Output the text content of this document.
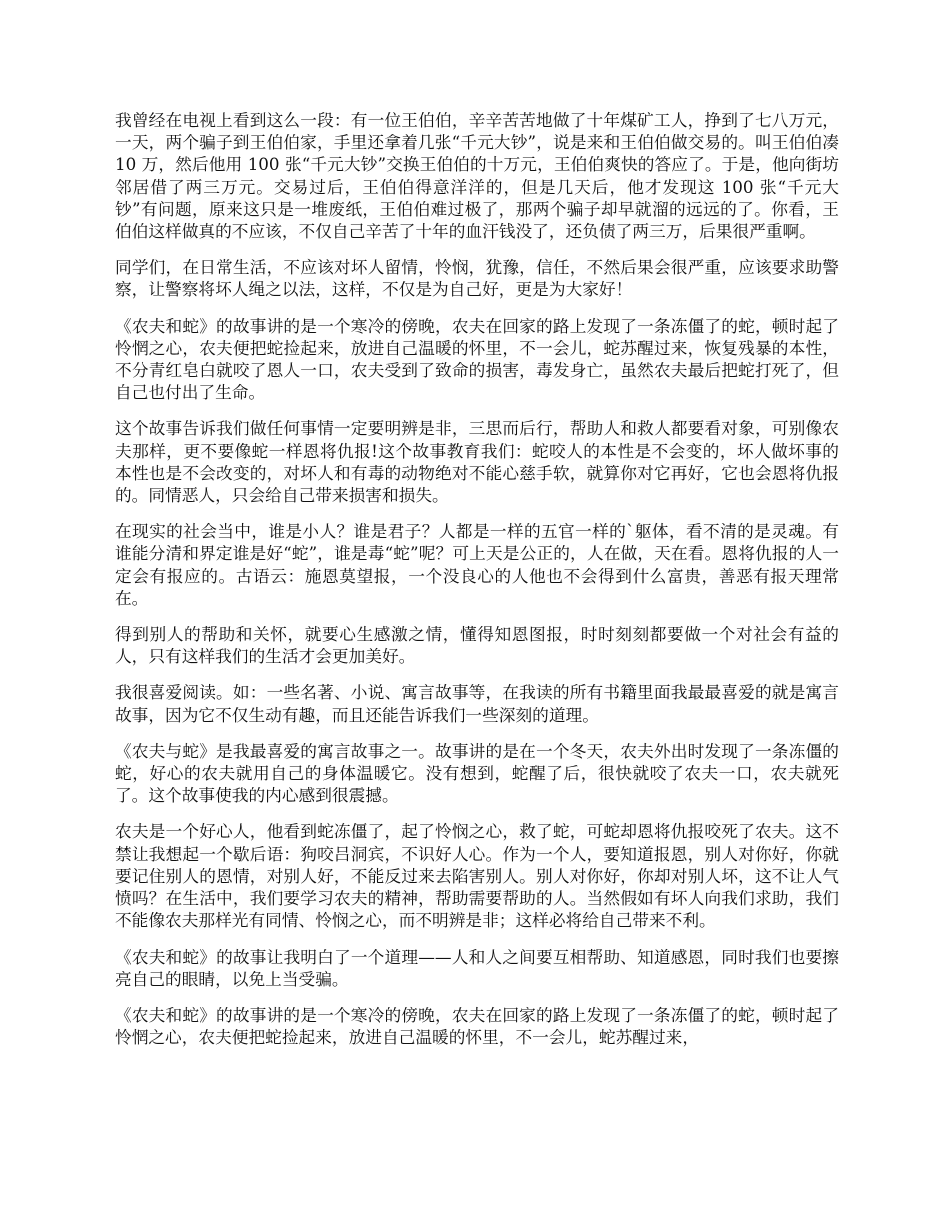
我曾经在电视上看到这么一段：有一位王伯伯，辛辛苦苦地做了十年煤矿工人，挣到了七八万元，一天，两个骗子到王伯伯家，手里还拿着几张“千元大钞”，说是来和王伯伯做交易的。叫王伯伯凑 10 万，然后他用 100 张“千元大钞”交换王伯伯的十万元，王伯伯爽快的答应了。于是，他向街坊邻居借了两三万元。交易过后，王伯伯得意洋洋的，但是几天后，他才发现这 100 张“千元大钞”有问题，原来这只是一堆废纸，王伯伯难过极了，那两个骗子却早就溜的远远的了。你看，王伯伯这样做真的不应该，不仅自己辛苦了十年的血汗钱没了，还负债了两三万，后果很严重啊。

同学们，在日常生活，不应该对坏人留情，怜悯，犹豫，信任，不然后果会很严重，应该要求助警察，让警察将坏人绳之以法，这样，不仅是为自己好，更是为大家好！

《农夫和蛇》的故事讲的是一个寒冷的傍晚，农夫在回家的路上发现了一条冻僵了的蛇，顿时起了怜惘之心，农夫便把蛇捡起来，放进自己温暖的怀里，不一会儿，蛇苏醒过来，恢复残暴的本性，不分青红皂白就咬了恩人一口，农夫受到了致命的损害，毒发身亡，虽然农夫最后把蛇打死了，但自己也付出了生命。

这个故事告诉我们做任何事情一定要明辨是非，三思而后行，帮助人和救人都要看对象，可别像农夫那样，更不要像蛇一样恩将仇报!这个故事教育我们：蛇咬人的本性是不会变的，坏人做坏事的本性也是不会改变的，对坏人和有毒的动物绝对不能心慈手软，就算你对它再好，它也会恩将仇报的。同情恶人，只会给自己带来损害和损失。

在现实的社会当中，谁是小人？谁是君子？人都是一样的五官一样的`躯体，看不清的是灵魂。有谁能分清和界定谁是好“蛇”，谁是毒“蛇”呢？可上天是公正的，人在做，天在看。恩将仇报的人一定会有报应的。古语云：施恩莫望报，一个没良心的人他也不会得到什么富贵，善恶有报天理常在。

得到别人的帮助和关怀，就要心生感激之情，懂得知恩图报，时时刻刻都要做一个对社会有益的人，只有这样我们的生活才会更加美好。

我很喜爱阅读。如：一些名著、小说、寓言故事等，在我读的所有书籍里面我最最喜爱的就是寓言故事，因为它不仅生动有趣，而且还能告诉我们一些深刻的道理。

《农夫与蛇》是我最喜爱的寓言故事之一。故事讲的是在一个冬天，农夫外出时发现了一条冻僵的蛇，好心的农夫就用自己的身体温暖它。没有想到，蛇醒了后，很快就咬了农夫一口，农夫就死了。这个故事使我的内心感到很震撼。

农夫是一个好心人，他看到蛇冻僵了，起了怜悯之心，救了蛇，可蛇却恩将仇报咬死了农夫。这不禁让我想起一个歇后语：狗咬吕洞宾，不识好人心。作为一个人，要知道报恩，别人对你好，你就要记住别人的恩情，对别人好，不能反过来去陷害别人。别人对你好，你却对别人坏，这不让人气愤吗？在生活中，我们要学习农夫的精神，帮助需要帮助的人。当然假如有坏人向我们求助，我们不能像农夫那样光有同情、怜悯之心，而不明辨是非；这样必将给自己带来不利。

《农夫和蛇》的故事让我明白了一个道理——人和人之间要互相帮助、知道感恩，同时我们也要擦亮自己的眼睛，以免上当受骗。

《农夫和蛇》的故事讲的是一个寒冷的傍晚，农夫在回家的路上发现了一条冻僵了的蛇，顿时起了怜惘之心，农夫便把蛇捡起来，放进自己温暖的怀里，不一会儿，蛇苏醒过来，
